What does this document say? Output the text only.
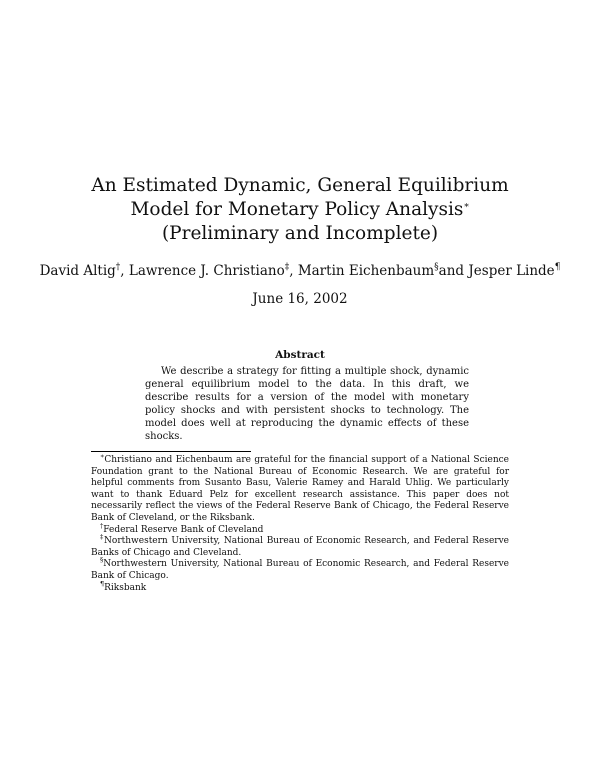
An Estimated Dynamic, General Equilibrium
Model for Monetary Policy Analysis∗
(Preliminary and Incomplete)
David Altig†, Lawrence J. Christiano‡, Martin Eichenbaum§and Jesper Linde¶
June 16, 2002
Abstract
We describe a strategy for fitting a multiple shock, dynamic general equilibrium model to the data. In this draft, we describe results for a version of the model with monetary policy shocks and with persistent shocks to technology. The model does well at reproducing the dynamic effects of these shocks.

∗Christiano and Eichenbaum are grateful for the financial support of a National Science Foundation grant to the National Bureau of Economic Research. We are grateful for helpful comments from Susanto Basu, Valerie Ramey and Harald Uhlig. We particularly want to thank Eduard Pelz for excellent research assistance. This paper does not necessarily reflect the views of the Federal Reserve Bank of Chicago, the Federal Reserve Bank of Cleveland, or the Riksbank.

†Federal Reserve Bank of Cleveland

‡Northwestern University, National Bureau of Economic Research, and Federal Reserve Banks of Chicago and Cleveland.

§Northwestern University, National Bureau of Economic Research, and Federal Reserve Bank of Chicago.

¶Riksbank
